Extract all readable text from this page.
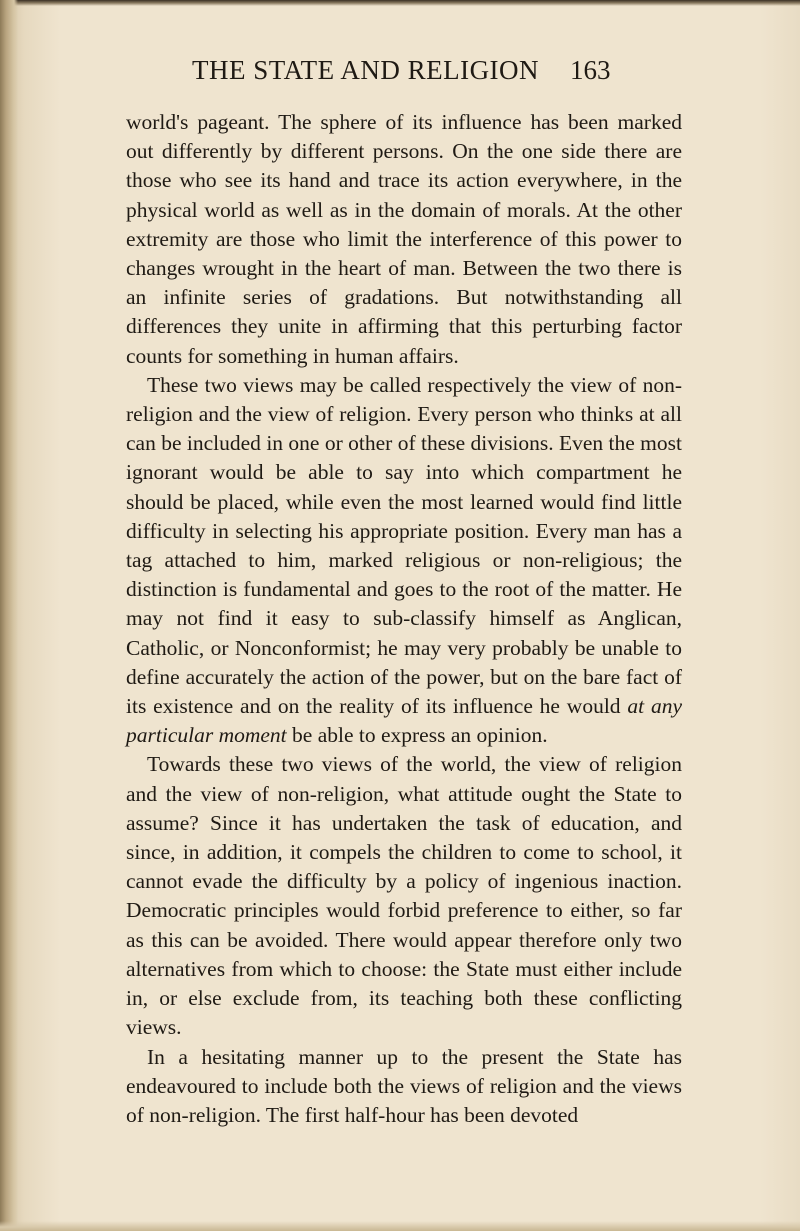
THE STATE AND RELIGION 163

world's pageant. The sphere of its influence has been marked out differently by different persons. On the one side there are those who see its hand and trace its action everywhere, in the physical world as well as in the domain of morals. At the other extremity are those who limit the interference of this power to changes wrought in the heart of man. Between the two there is an infinite series of gradations. But notwithstanding all differences they unite in affirming that this perturbing factor counts for something in human affairs.

These two views may be called respectively the view of non-religion and the view of religion. Every person who thinks at all can be included in one or other of these divisions. Even the most ignorant would be able to say into which compartment he should be placed, while even the most learned would find little difficulty in selecting his appropriate position. Every man has a tag attached to him, marked religious or non-religious; the distinction is fundamental and goes to the root of the matter. He may not find it easy to sub-classify himself as Anglican, Catholic, or Nonconformist; he may very probably be unable to define accurately the action of the power, but on the bare fact of its existence and on the reality of its influence he would at any particular moment be able to express an opinion.

Towards these two views of the world, the view of religion and the view of non-religion, what attitude ought the State to assume? Since it has undertaken the task of education, and since, in addition, it compels the children to come to school, it cannot evade the difficulty by a policy of ingenious inaction. Democratic principles would forbid preference to either, so far as this can be avoided. There would appear therefore only two alternatives from which to choose: the State must either include in, or else exclude from, its teaching both these conflicting views.

In a hesitating manner up to the present the State has endeavoured to include both the views of religion and the views of non-religion. The first half-hour has been devoted
